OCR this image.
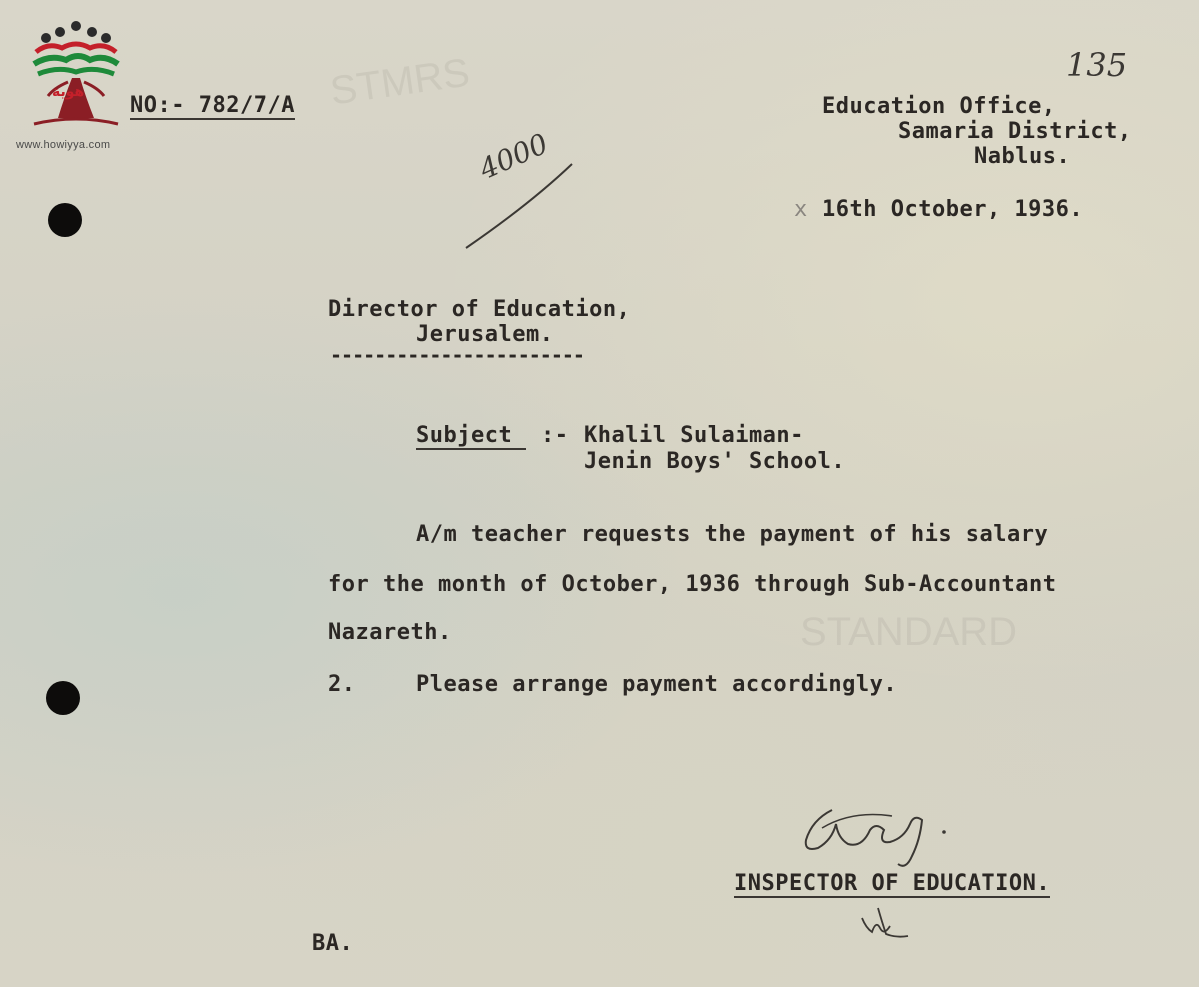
STMRS
STANDARD
هوية
www.howiyya.com
135
NO:- 782/7/A
4000
Education Office,
Samaria District,
Nablus.
x 16th October, 1936.
Director of Education,
Jerusalem.
-----------------------
Subject :- Khalil Sulaiman-
Jenin Boys' School.
A/m teacher requests the payment of his salary
for the month of October, 1936 through Sub-Accountant
Nazareth.
2.	Please arrange payment accordingly.
INSPECTOR OF EDUCATION.
BA.
